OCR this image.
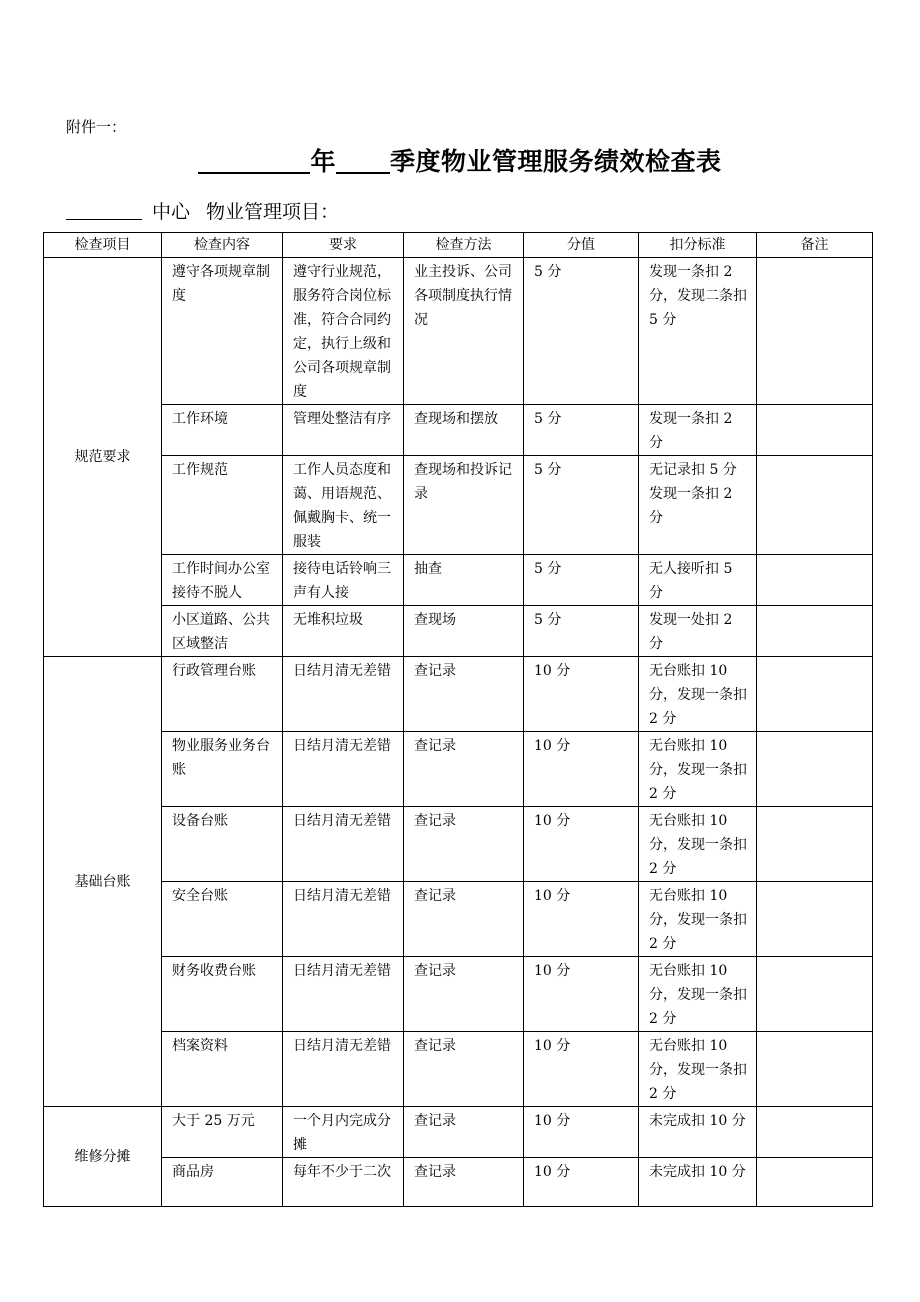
附件一：
年 季度物业管理服务绩效检查表
中心 物业管理项目：
检查项目	检查内容	要求	检查方法	分值	扣分标准	备注
规范要求	遵守各项规章制度	遵守行业规范，服务符合岗位标准，符合合同约定，执行上级和公司各项规章制度	业主投诉、公司各项制度执行情况	5 分	发现一条扣 2 分，发现二条扣 5 分	
	工作环境	管理处整洁有序	查现场和摆放	5 分	发现一条扣 2 分	
	工作规范	工作人员态度和蔼、用语规范、佩戴胸卡、统一服装	查现场和投诉记录	5 分	无记录扣 5 分发现一条扣 2 分	
	工作时间办公室接待不脱人	接待电话铃响三声有人接	抽查	5 分	无人接听扣 5 分	
	小区道路、公共区域整洁	无堆积垃圾	查现场	5 分	发现一处扣 2 分	
基础台账	行政管理台账	日结月清无差错	查记录	10 分	无台账扣 10 分，发现一条扣 2 分	
	物业服务业务台账	日结月清无差错	查记录	10 分	无台账扣 10 分，发现一条扣 2 分	
	设备台账	日结月清无差错	查记录	10 分	无台账扣 10 分，发现一条扣 2 分	
	安全台账	日结月清无差错	查记录	10 分	无台账扣 10 分，发现一条扣 2 分	
	财务收费台账	日结月清无差错	查记录	10 分	无台账扣 10 分，发现一条扣 2 分	
	档案资料	日结月清无差错	查记录	10 分	无台账扣 10 分，发现一条扣 2 分	
维修分摊	大于 25 万元	一个月内完成分摊	查记录	10 分	未完成扣 10 分	
	商品房	每年不少于二次	查记录	10 分	未完成扣 10 分	
